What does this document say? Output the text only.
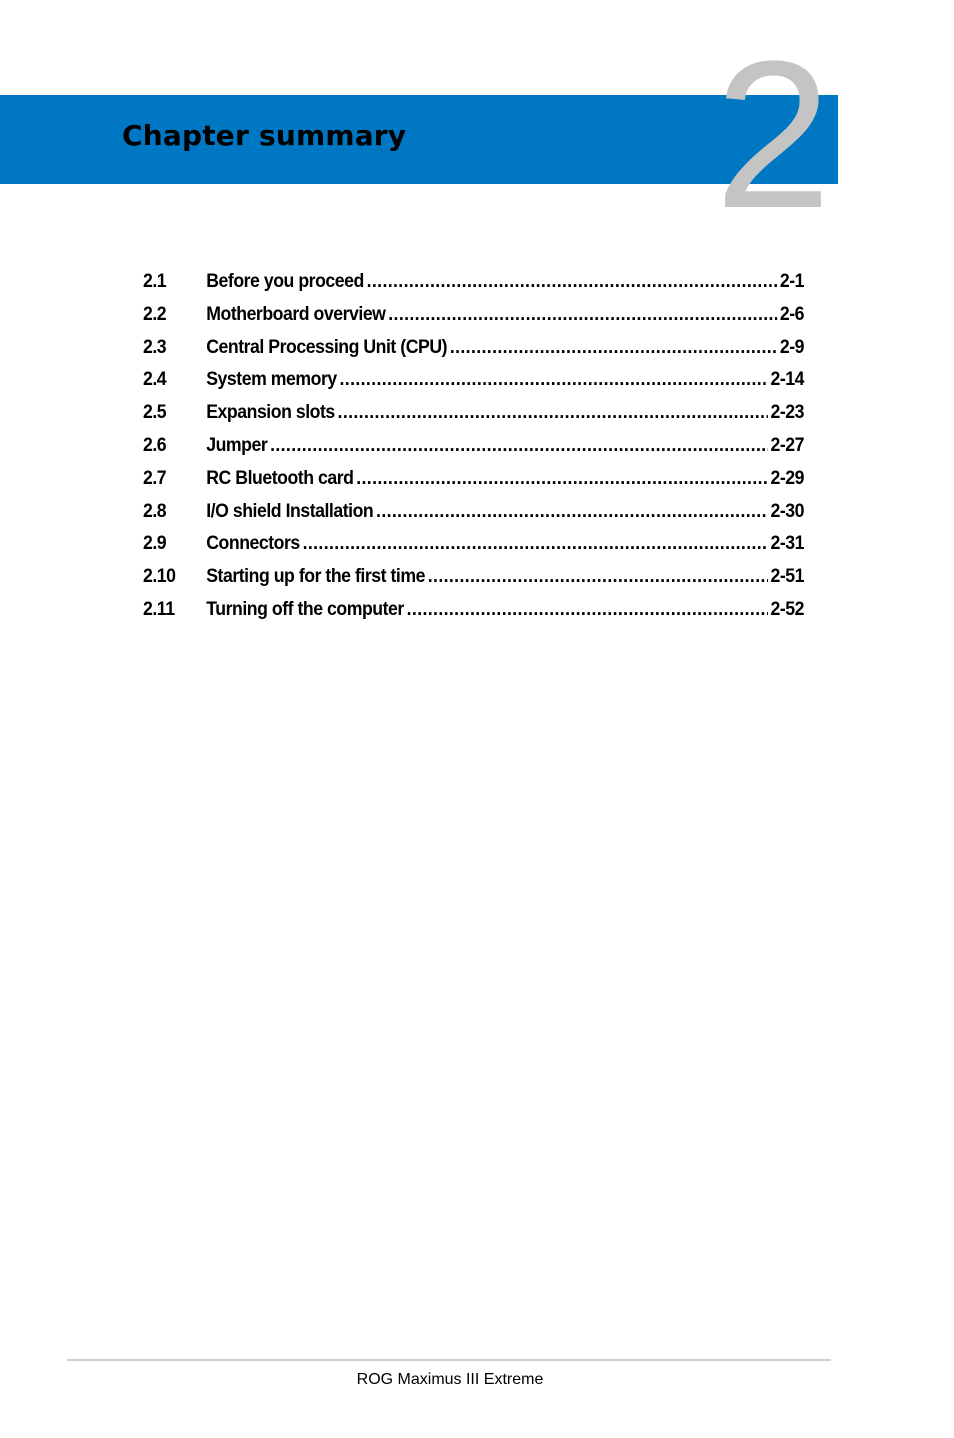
Chapter summary 2
2.1	Before you proceed .....	2-1
2.2	Motherboard overview .....	2-6
2.3	Central Processing Unit (CPU) .....	2-9
2.4	System memory .....	2-14
2.5	Expansion slots .....	2-23
2.6	Jumper .....	2-27
2.7	RC Bluetooth card .....	2-29
2.8	I/O shield Installation .....	2-30
2.9	Connectors .....	2-31
2.10	Starting up for the first time .....	2-51
2.11	Turning off the computer .....	2-52
ROG Maximus III Extreme
